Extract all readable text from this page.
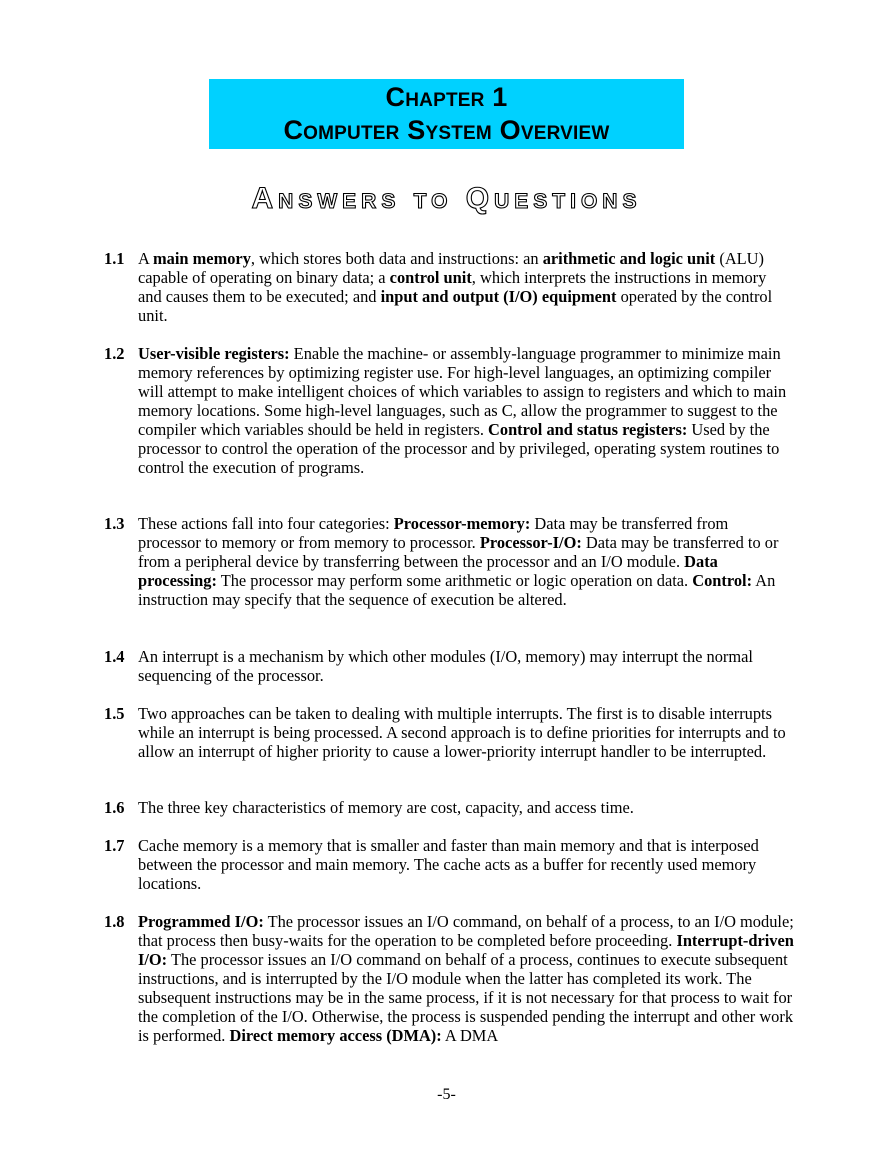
Chapter 1
Computer System Overview
Answers to Questions
1.1 A main memory, which stores both data and instructions: an arithmetic and logic unit (ALU) capable of operating on binary data; a control unit, which interprets the instructions in memory and causes them to be executed; and input and output (I/O) equipment operated by the control unit.
1.2 User-visible registers: Enable the machine- or assembly-language programmer to minimize main memory references by optimizing register use. For high-level languages, an optimizing compiler will attempt to make intelligent choices of which variables to assign to registers and which to main memory locations. Some high-level languages, such as C, allow the programmer to suggest to the compiler which variables should be held in registers. Control and status registers: Used by the processor to control the operation of the processor and by privileged, operating system routines to control the execution of programs.
1.3 These actions fall into four categories: Processor-memory: Data may be transferred from processor to memory or from memory to processor. Processor-I/O: Data may be transferred to or from a peripheral device by transferring between the processor and an I/O module. Data processing: The processor may perform some arithmetic or logic operation on data. Control: An instruction may specify that the sequence of execution be altered.
1.4 An interrupt is a mechanism by which other modules (I/O, memory) may interrupt the normal sequencing of the processor.
1.5 Two approaches can be taken to dealing with multiple interrupts. The first is to disable interrupts while an interrupt is being processed. A second approach is to define priorities for interrupts and to allow an interrupt of higher priority to cause a lower-priority interrupt handler to be interrupted.
1.6 The three key characteristics of memory are cost, capacity, and access time.
1.7 Cache memory is a memory that is smaller and faster than main memory and that is interposed between the processor and main memory. The cache acts as a buffer for recently used memory locations.
1.8 Programmed I/O: The processor issues an I/O command, on behalf of a process, to an I/O module; that process then busy-waits for the operation to be completed before proceeding. Interrupt-driven I/O: The processor issues an I/O command on behalf of a process, continues to execute subsequent instructions, and is interrupted by the I/O module when the latter has completed its work. The subsequent instructions may be in the same process, if it is not necessary for that process to wait for the completion of the I/O. Otherwise, the process is suspended pending the interrupt and other work is performed. Direct memory access (DMA): A DMA
-5-
